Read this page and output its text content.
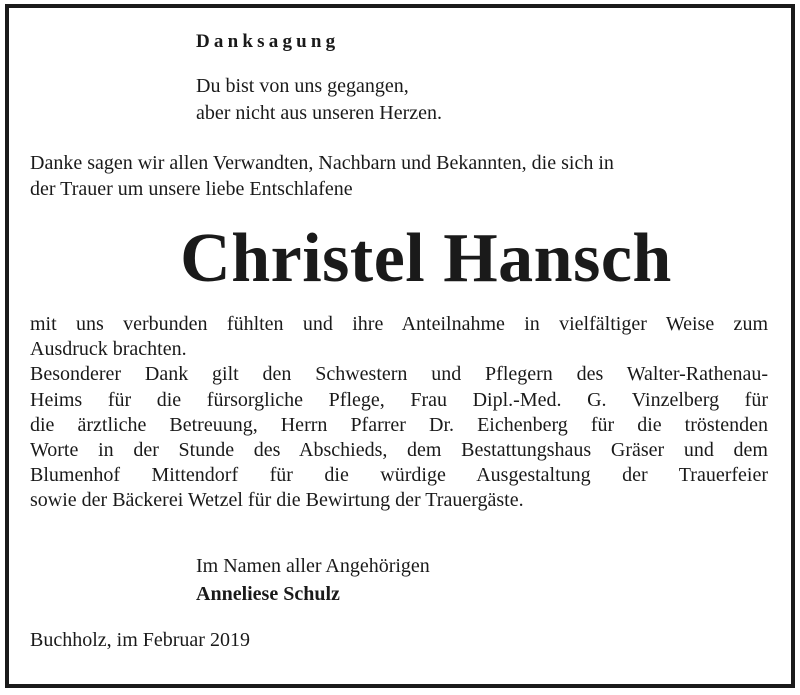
Danksagung
Du bist von uns gegangen,
aber nicht aus unseren Herzen.
Danke sagen wir allen Verwandten, Nachbarn und Bekannten, die sich in
der Trauer um unsere liebe Entschlafene
Christel Hansch
mit uns verbunden fühlten und ihre Anteilnahme in vielfältiger Weise zum
Ausdruck brachten.
Besonderer Dank gilt den Schwestern und Pflegern des Walter-Rathenau-
Heims für die fürsorgliche Pflege, Frau Dipl.-Med. G. Vinzelberg für
die ärztliche Betreuung, Herrn Pfarrer Dr. Eichenberg für die tröstenden
Worte in der Stunde des Abschieds, dem Bestattungshaus Gräser und dem
Blumenhof Mittendorf für die würdige Ausgestaltung der Trauerfeier
sowie der Bäckerei Wetzel für die Bewirtung der Trauergäste.
Im Namen aller Angehörigen
Anneliese Schulz
Buchholz, im Februar 2019
